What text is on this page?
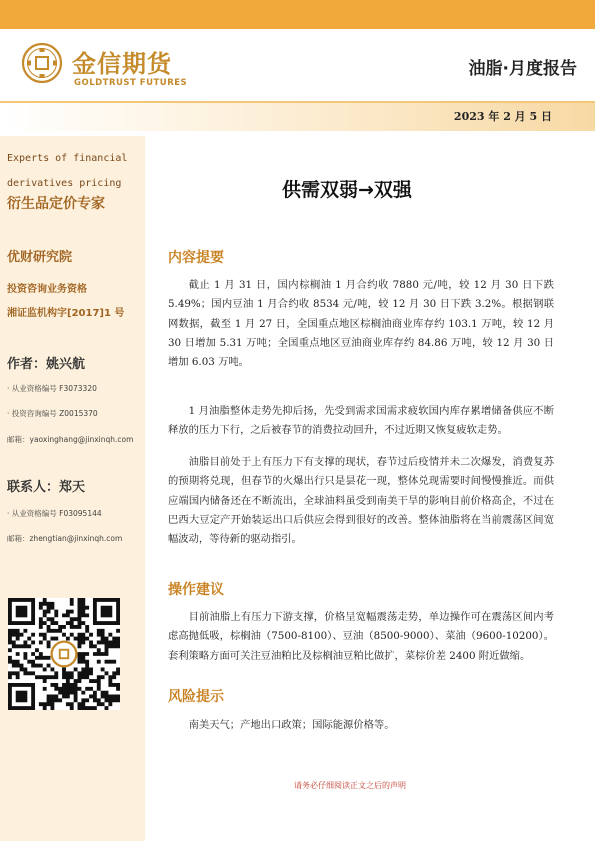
金信期货
GOLDTRUST FUTURES
油脂·月度报告
2023 年 2 月 5 日
Experts of financial derivatives pricing
衍生品定价专家
优财研究院
投资咨询业务资格
湘证监机构字[2017]1 号
作者：姚兴航
· 从业资格编号 F3073320
· 投资咨询编号 Z0015370
邮箱：yaoxinghang@jinxinqh.com
联系人：郑天
· 从业资格编号 F03095144
邮箱：zhengtian@jinxinqh.com
供需双弱→双强
内容提要
截止 1 月 31 日，国内棕榈油 1 月合约收 7880 元/吨，较 12 月 30 日下跌 5.49%；国内豆油 1 月合约收 8534 元/吨，较 12 月 30 日下跌 3.2%。根据钢联网数据，截至 1 月 27 日，全国重点地区棕榈油商业库存约 103.1 万吨，较 12 月 30 日增加 5.31 万吨；全国重点地区豆油商业库存约 84.86 万吨，较 12 月 30 日增加 6.03 万吨。
1 月油脂整体走势先抑后扬，先受到需求国需求疲软国内库存累增储备供应不断释放的压力下行，之后被春节的消费拉动回升，不过近期又恢复疲软走势。
油脂目前处于上有压力下有支撑的现状，春节过后疫情并未二次爆发，消费复苏的预期将兑现，但春节的火爆出行只是昙花一现，整体兑现需要时间慢慢推近。而供应端国内储备还在不断流出，全球油料虽受到南美干旱的影响目前价格高企，不过在巴西大豆定产开始装运出口后供应会得到很好的改善。整体油脂将在当前震荡区间宽幅波动，等待新的驱动指引。
操作建议
目前油脂上有压力下游支撑，价格呈宽幅震荡走势，单边操作可在震荡区间内考虑高抛低吸，棕榈油（7500-8100）、豆油（8500-9000）、菜油（9600-10200）。套利策略方面可关注豆油粕比及棕榈油豆粕比做扩，菜棕价差 2400 附近做缩。
风险提示
南美天气；产地出口政策；国际能源价格等。
请务必仔细阅读正文之后的声明
